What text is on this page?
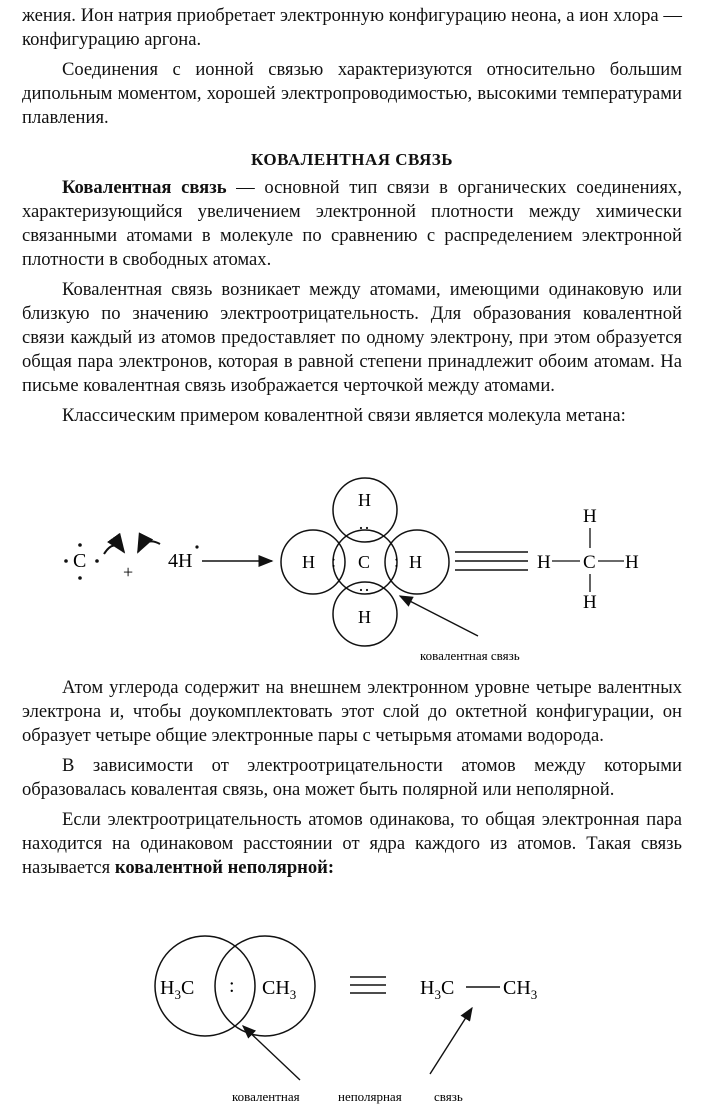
жения. Ион натрия приобретает электронную конфигурацию неона, а ион хлора — конфигурацию аргона.

Соединения с ионной связью характеризуются относительно большим дипольным моментом, хорошей электропроводимостью, высокими температурами плавления.

КОВАЛЕНТНАЯ СВЯЗЬ

Ковалентная связь — основной тип связи в органических соединениях, характеризующийся увеличением электронной плотности между химически связанными атомами в молекуле по сравнению с распределением электронной плотности в свободных атомах.

Ковалентная связь возникает между атомами, имеющими одинаковую или близкую по значению электроотрицательность. Для образования ковалентной связи каждый из атомов предоставляет по одному электрону, при этом образуется общая пара электронов, которая в равной степени принадлежит обоим атомам. На письме ковалентная связь изображается черточкой между атомами.

Классическим примером ковалентной связи является молекула метана:

C + 4H
H
··
H : C : H
··
H
H
H C H
H
ковалентная связь

Атом углерода содержит на внешнем электронном уровне четыре валентных электрона и, чтобы доукомплектовать этот слой до октетной конфигурации, он образует четыре общие электронные пары с четырьмя атомами водорода.

В зависимости от электроотрицательности атомов между которыми образовалась ковалентая связь, она может быть полярной или неполярной.

Если электроотрицательность атомов одинакова, то общая электронная пара находится на одинаковом расстоянии от ядра каждого из атомов. Такая связь называется ковалентной неполярной:

$H_3C$ : $CH_3$	$H_3C$ $CH_3$
ковалентная	неполярная связь
